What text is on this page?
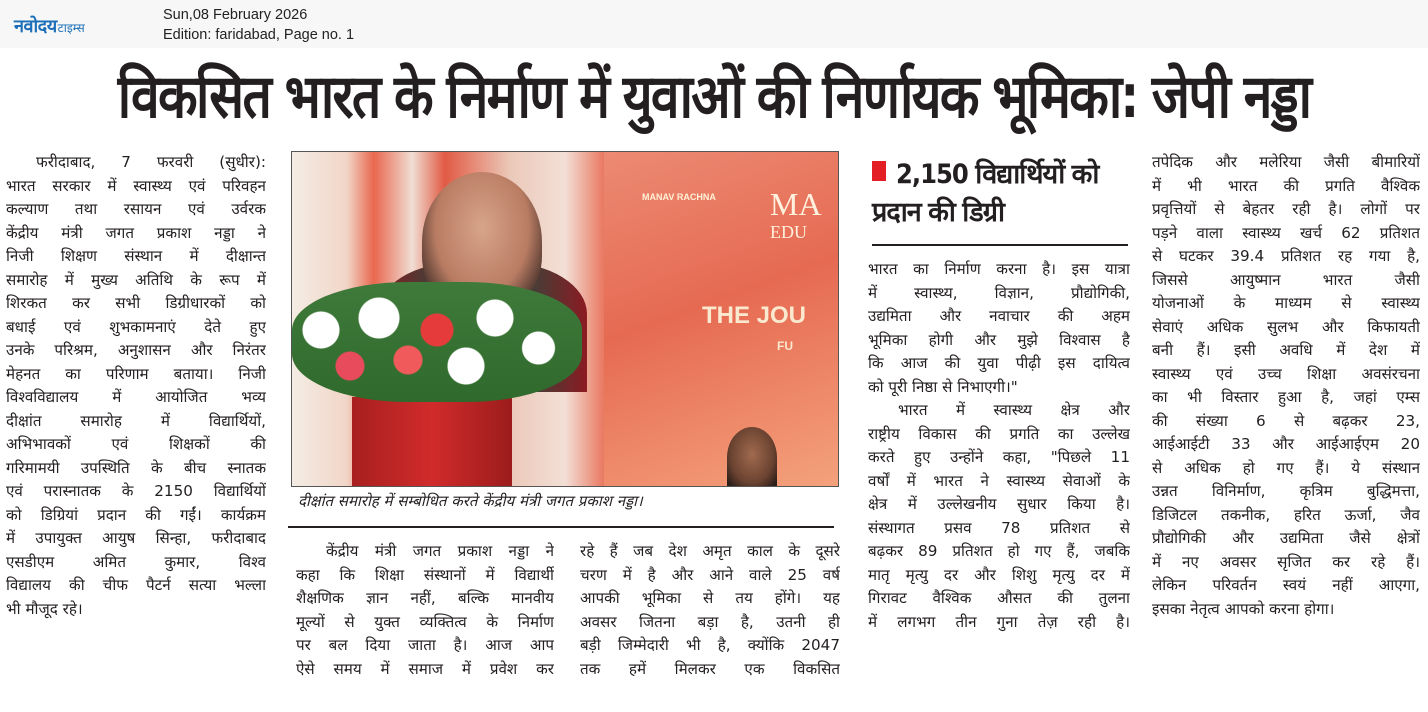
नवोदय टाइम्स
Sun,08 February 2026
Edition: faridabad, Page no. 1
विकसित भारत के निर्माण में युवाओं की निर्णायक भूमिका: जेपी नड्डा

फरीदाबाद, 7 फरवरी (सुधीर):

भारत सरकार में स्वास्थ्य एवं परिवहन

कल्याण तथा रसायन एवं उर्वरक

केंद्रीय मंत्री जगत प्रकाश नड्डा ने

निजी शिक्षण संस्थान में दीक्षान्त

समारोह में मुख्य अतिथि के रूप में

शिरकत कर सभी डिग्रीधारकों को

बधाई एवं शुभकामनाएं देते हुए

उनके परिश्रम, अनुशासन और निरंतर

मेहनत का परिणाम बताया। निजी

विश्वविद्यालय में आयोजित भव्य

दीक्षांत समारोह में विद्यार्थियों,

अभिभावकों एवं शिक्षकों की

गरिमामयी उपस्थिति के बीच स्नातक

एवं परास्नातक के 2150 विद्यार्थियों

को डिग्रियां प्रदान की गईं। कार्यक्रम

में उपायुक्त आयुष सिन्हा, फरीदाबाद

एसडीएम अमित कुमार, विश्व

विद्यालय की चीफ पैटर्न सत्या भल्ला

भी मौजूद रहे।

MANAV RACHNA MA
EDU
THE JOU
FU
दीक्षांत समारोह में सम्बोधित करते केंद्रीय मंत्री जगत प्रकाश नड्डा।

केंद्रीय मंत्री जगत प्रकाश नड्डा ने

कहा कि शिक्षा संस्थानों में विद्यार्थी

शैक्षणिक ज्ञान नहीं, बल्कि मानवीय

मूल्यों से युक्त व्यक्तित्व के निर्माण

पर बल दिया जाता है। आज आप

ऐसे समय में समाज में प्रवेश कर

रहे हैं जब देश अमृत काल के दूसरे

चरण में है और आने वाले 25 वर्ष

आपकी भूमिका से तय होंगे। यह

अवसर जितना बड़ा है, उतनी ही

बड़ी जिम्मेदारी भी है, क्योंकि 2047

तक हमें मिलकर एक विकसित

2,150 विद्यार्थियों को
प्रदान की डिग्री

भारत का निर्माण करना है। इस यात्रा

में स्वास्थ्य, विज्ञान, प्रौद्योगिकी,

उद्यमिता और नवाचार की अहम

भूमिका होगी और मुझे विश्वास है

कि आज की युवा पीढ़ी इस दायित्व

को पूरी निष्ठा से निभाएगी।"

भारत में स्वास्थ्य क्षेत्र और

राष्ट्रीय विकास की प्रगति का उल्लेख

करते हुए उन्होंने कहा, "पिछले 11

वर्षों में भारत ने स्वास्थ्य सेवाओं के

क्षेत्र में उल्लेखनीय सुधार किया है।

संस्थागत प्रसव 78 प्रतिशत से

बढ़कर 89 प्रतिशत हो गए हैं, जबकि

मातृ मृत्यु दर और शिशु मृत्यु दर में

गिरावट वैश्विक औसत की तुलना

में लगभग तीन गुना तेज़ रही है।

तपेदिक और मलेरिया जैसी बीमारियों

में भी भारत की प्रगति वैश्विक

प्रवृत्तियों से बेहतर रही है। लोगों पर

पड़ने वाला स्वास्थ्य खर्च 62 प्रतिशत

से घटकर 39.4 प्रतिशत रह गया है,

जिससे आयुष्मान भारत जैसी

योजनाओं के माध्यम से स्वास्थ्य

सेवाएं अधिक सुलभ और किफायती

बनी हैं। इसी अवधि में देश में

स्वास्थ्य एवं उच्च शिक्षा अवसंरचना

का भी विस्तार हुआ है, जहां एम्स

की संख्या 6 से बढ़कर 23,

आईआईटी 33 और आईआईएम 20

से अधिक हो गए हैं। ये संस्थान

उन्नत विनिर्माण, कृत्रिम बुद्धिमत्ता,

डिजिटल तकनीक, हरित ऊर्जा, जैव

प्रौद्योगिकी और उद्यमिता जैसे क्षेत्रों

में नए अवसर सृजित कर रहे हैं।

लेकिन परिवर्तन स्वयं नहीं आएगा,

इसका नेतृत्व आपको करना होगा।
